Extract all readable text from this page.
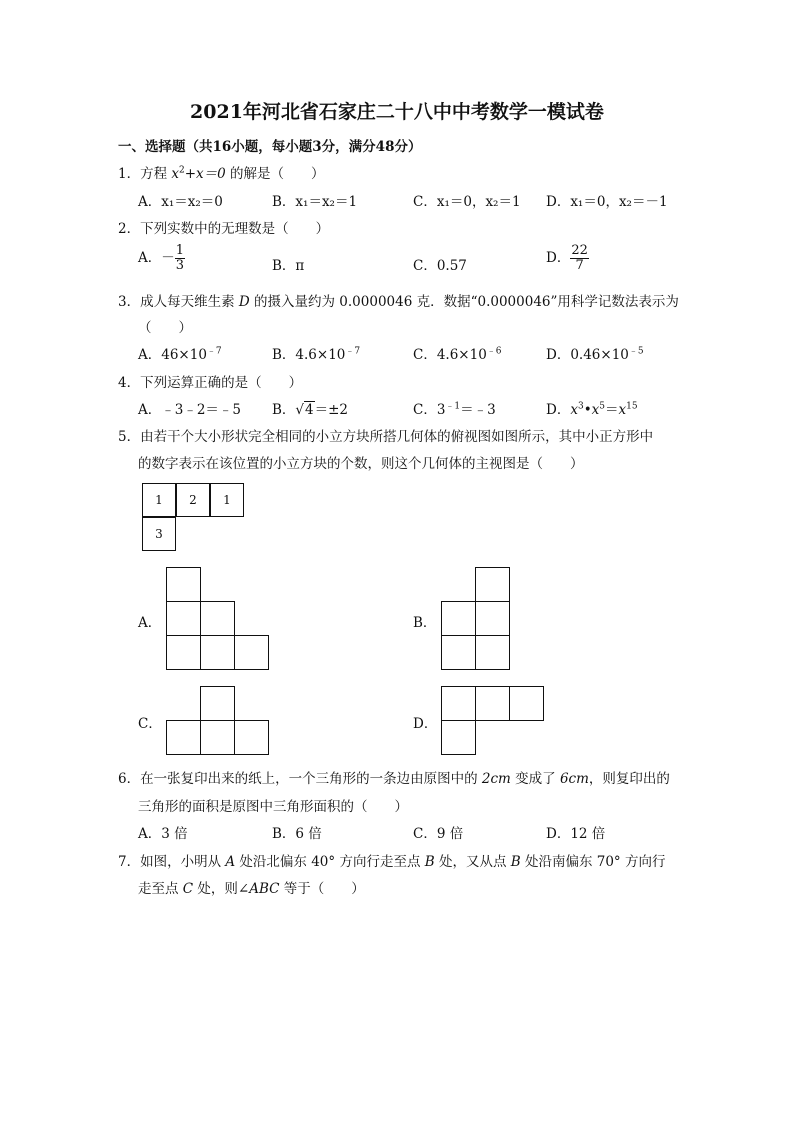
2021年河北省石家庄二十八中中考数学一模试卷
一、选择题（共16小题，每小题3分，满分48分）
1．方程 $x^2+x=0$ 的解是（　　）
A．x₁＝x₂＝0	B．x₁＝x₂＝1	C．x₁＝0，x₂＝1 D．x₁＝0，x₂＝－1
2．下列实数中的无理数是（　　）
A．－ $\frac{1}{3}$	B．π	C．0.57	D． $\frac{22}{7}$
3．成人每天维生素 D 的摄入量约为 0.0000046 克．数据“0.0000046”用科学记数法表示为
（　　）
A．$46\times 10^{﹣7}$	B．$4.6\times 10^{﹣7}$	C．$4.6\times 10^{﹣6}$	D．$0.46\times 10^{﹣5}$
4．下列运算正确的是（　　）
A．﹣3﹣2＝﹣5 B．√4＝±2	C．$3^{﹣1}=﹣3$	D．$x^3•x^5=x^{15}$
5．由若干个大小形状完全相同的小立方块所搭几何体的俯视图如图所示，其中小正方形中
的数字表示在该位置的小立方块的个数，则这个几何体的主视图是（　　）
1	2	1
3
A．	B．
C．	D．
6．在一张复印出来的纸上，一个三角形的一条边由原图中的 2cm 变成了 6cm，则复印出的
三角形的面积是原图中三角形面积的（　　）
A．3 倍	B．6 倍	C．9 倍	D．12 倍
7．如图，小明从 A 处沿北偏东 40° 方向行走至点 B 处，又从点 B 处沿南偏东 70° 方向行
走至点 C 处，则∠ABC 等于（　　）
